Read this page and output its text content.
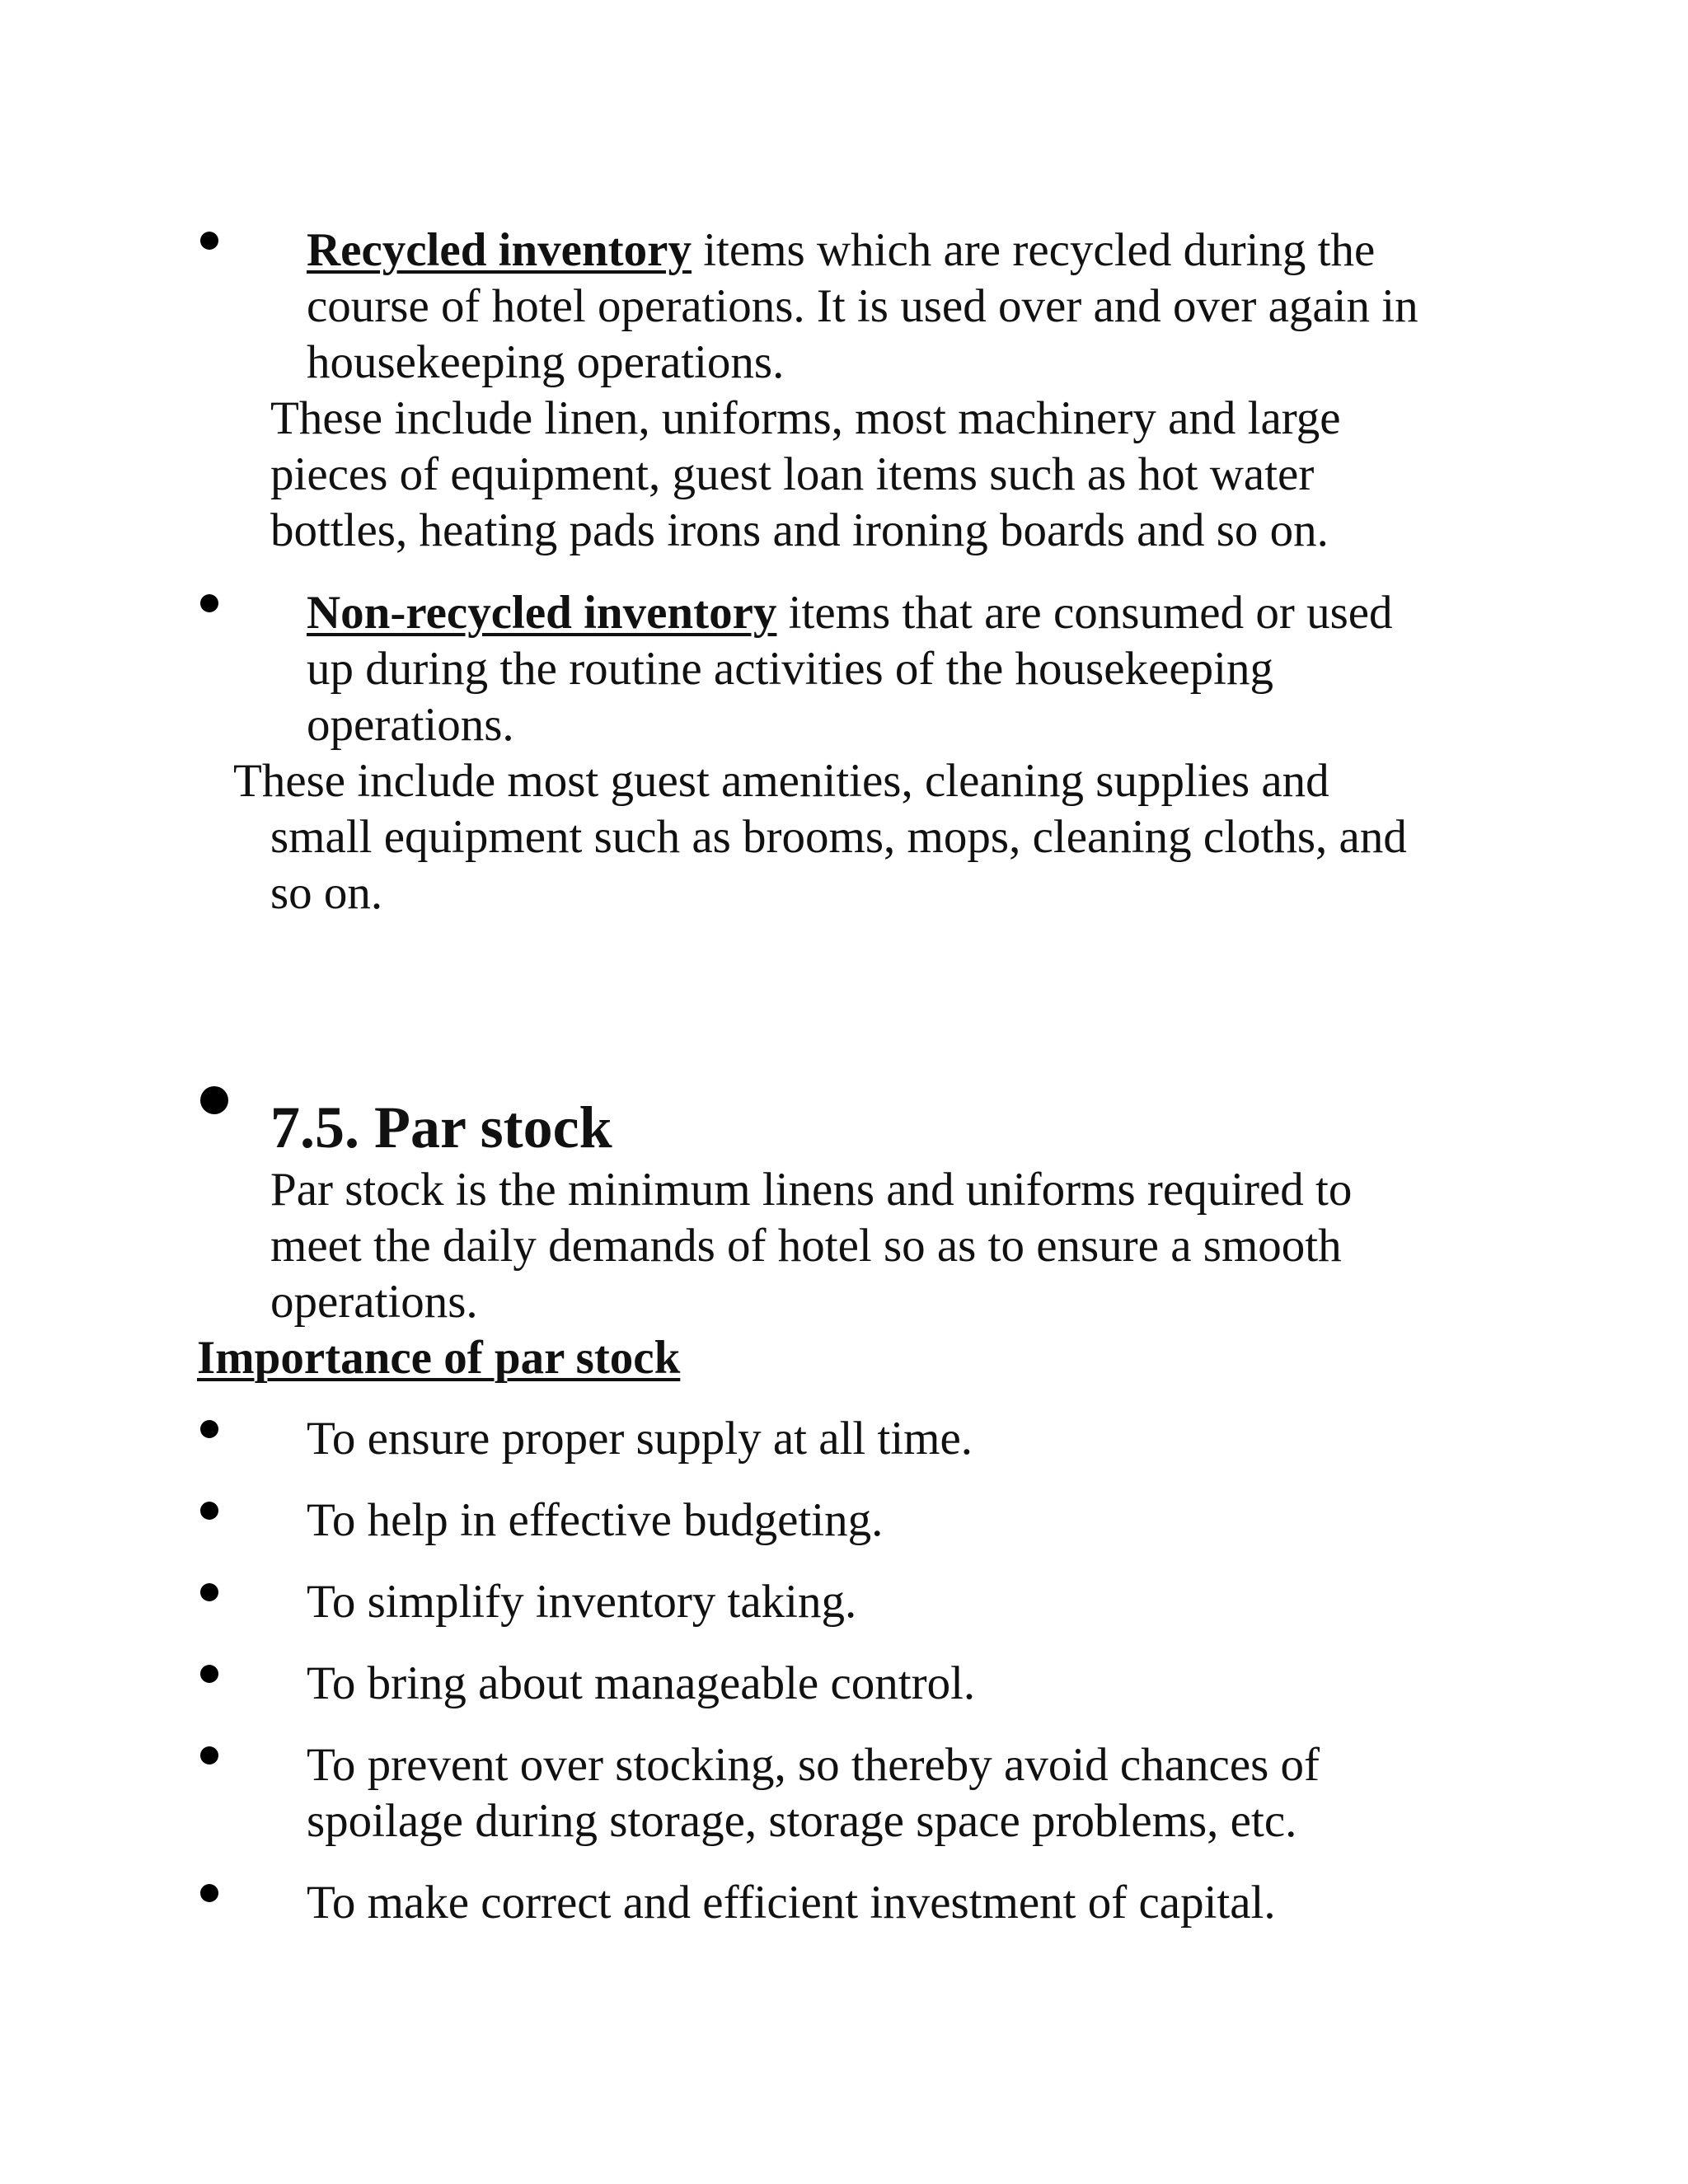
Recycled inventory items which are recycled during the
course of hotel operations. It is used over and over again in
housekeeping operations.
These include linen, uniforms, most machinery and large
pieces of equipment, guest loan items such as hot water
bottles, heating pads irons and ironing boards and so on.
Non-recycled inventory items that are consumed or used
up during the routine activities of the housekeeping
operations.
These include most guest amenities, cleaning supplies and
small equipment such as brooms, mops, cleaning cloths, and
so on.
7.5. Par stock
Par stock is the minimum linens and uniforms required to
meet the daily demands of hotel so as to ensure a smooth
operations.
Importance of par stock
To ensure proper supply at all time.
To help in effective budgeting.
To simplify inventory taking.
To bring about manageable control.
To prevent over stocking, so thereby avoid chances of
spoilage during storage, storage space problems, etc.
To make correct and efficient investment of capital.
